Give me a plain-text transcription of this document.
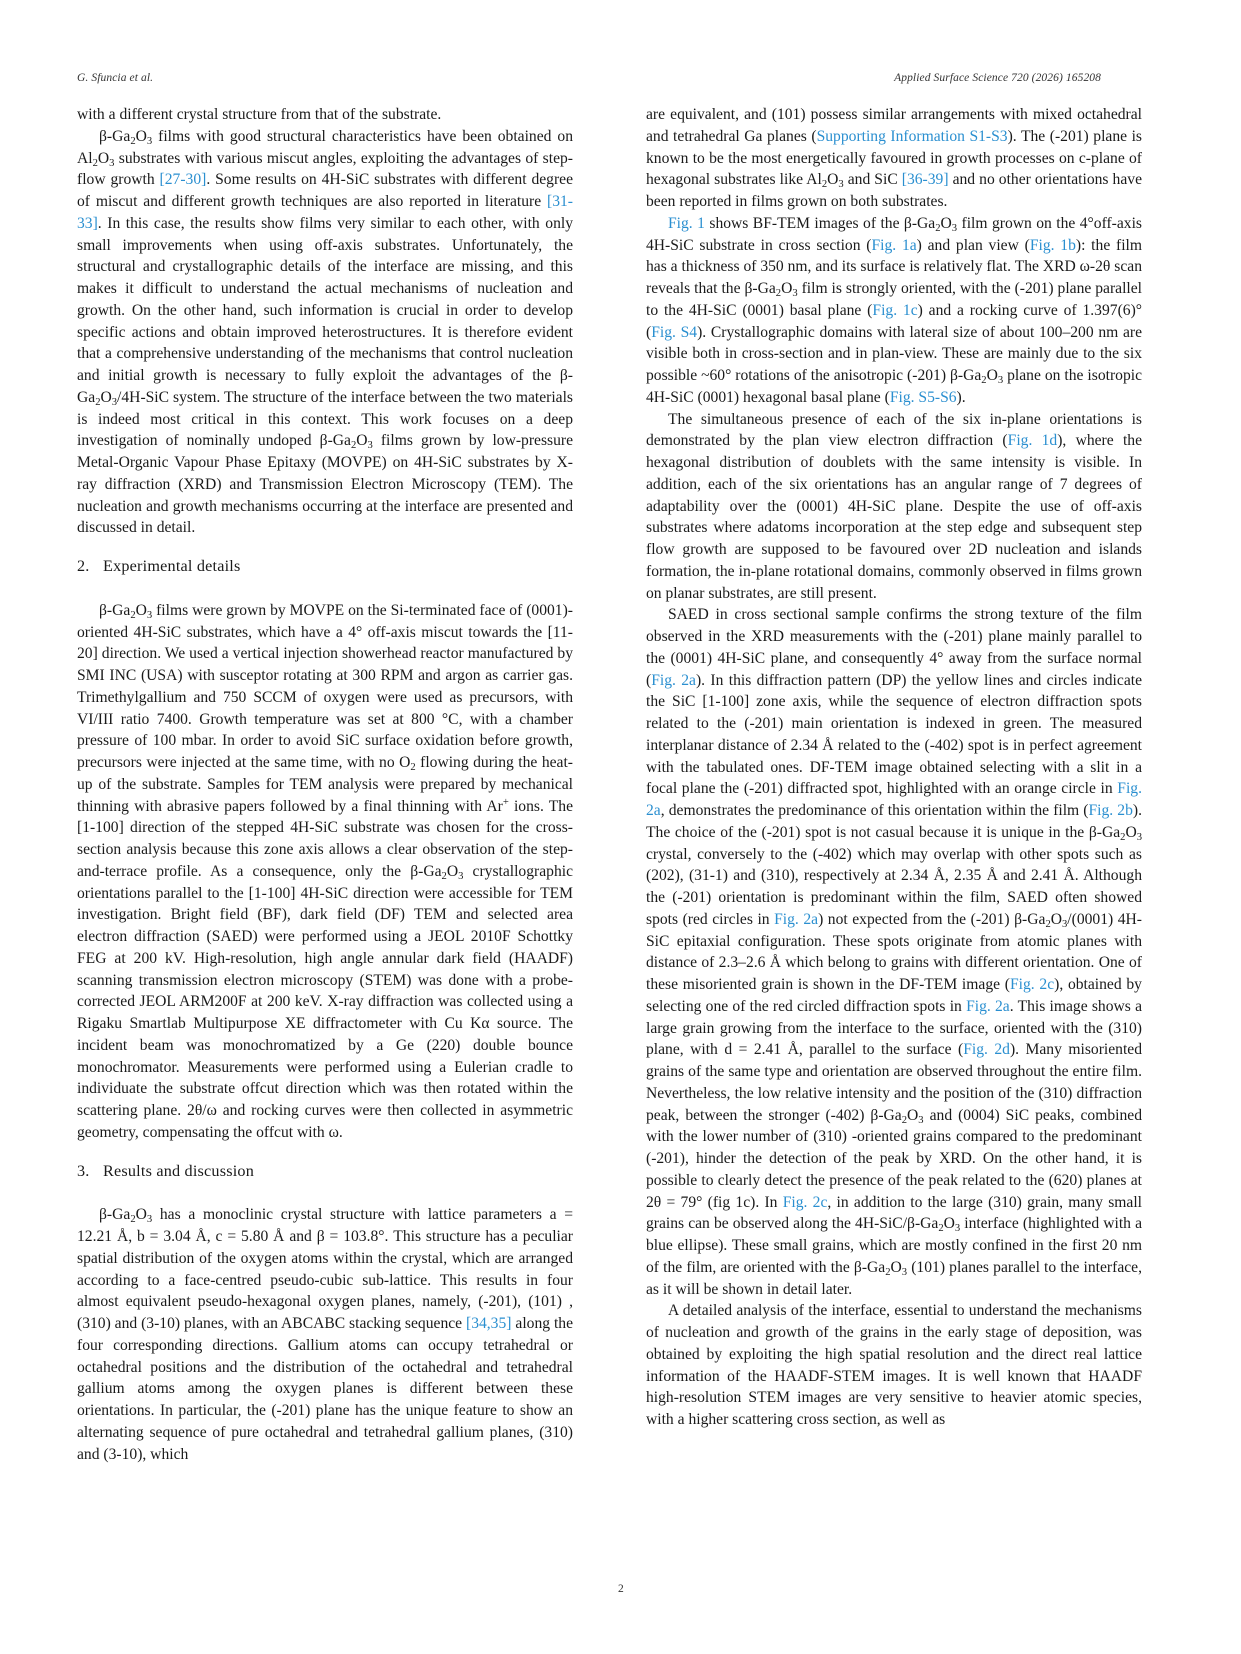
G. Sfuncia et al.	Applied Surface Science 720 (2026) 165208

with a different crystal structure from that of the substrate.

$\beta-Ga_2O_3$ films with good structural characteristics have been obtained on $Al_2O_3$ substrates with various miscut angles, exploiting the advantages of step-flow growth [27-30]. Some results on 4H-SiC substrates with different degree of miscut and different growth techniques are also reported in literature [31-33]. In this case, the results show films very similar to each other, with only small improvements when using off-axis substrates. Unfortunately, the structural and crystallographic details of the interface are missing, and this makes it difficult to understand the actual mechanisms of nucleation and growth. On the other hand, such information is crucial in order to develop specific actions and obtain improved heterostructures. It is therefore evident that a comprehensive understanding of the mechanisms that control nucleation and initial growth is necessary to fully exploit the advantages of the $\beta-Ga_2O_3/4H$-SiC system. The structure of the interface between the two materials is indeed most critical in this context. This work focuses on a deep investigation of nominally undoped $\beta-Ga_2O_3$ films grown by low-pressure Metal-Organic Vapour Phase Epitaxy (MOVPE) on 4H-SiC substrates by X-ray diffraction (XRD) and Transmission Electron Microscopy (TEM). The nucleation and growth mechanisms occurring at the interface are presented and discussed in detail.

2. Experimental details

$\beta-Ga_2O_3$ films were grown by MOVPE on the Si-terminated face of (0001)-oriented 4H-SiC substrates, which have a 4° off-axis miscut towards the [11-20] direction. We used a vertical injection showerhead reactor manufactured by SMI INC (USA) with susceptor rotating at 300 RPM and argon as carrier gas. Trimethylgallium and 750 SCCM of oxygen were used as precursors, with VI/III ratio 7400. Growth temperature was set at 800 °C, with a chamber pressure of 100 mbar. In order to avoid SiC surface oxidation before growth, precursors were injected at the same time, with no $O_2$ flowing during the heat-up of the substrate. Samples for TEM analysis were prepared by mechanical thinning with abrasive papers followed by a final thinning with Ar+ ions. The [1-100] direction of the stepped 4H-SiC substrate was chosen for the cross-section analysis because this zone axis allows a clear observation of the step-and-terrace profile. As a consequence, only the $\beta-Ga_2O_3$ crystallographic orientations parallel to the [1-100] 4H-SiC direction were accessible for TEM investigation. Bright field (BF), dark field (DF) TEM and selected area electron diffraction (SAED) were performed using a JEOL 2010F Schottky FEG at 200 kV. High-resolution, high angle annular dark field (HAADF) scanning transmission electron microscopy (STEM) was done with a probe-corrected JEOL ARM200F at 200 keV. X-ray diffraction was collected using a Rigaku Smartlab Multipurpose XE diffractometer with Cu Kα source. The incident beam was monochromatized by a Ge (220) double bounce monochromator. Measurements were performed using a Eulerian cradle to individuate the substrate offcut direction which was then rotated within the scattering plane. 2θ/ω and rocking curves were then collected in asymmetric geometry, compensating the offcut with ω.

3. Results and discussion

$\beta-Ga_2O_3$ has a monoclinic crystal structure with lattice parameters a = 12.21 Å, b = 3.04 Å, c = 5.80 Å and β = 103.8°. This structure has a peculiar spatial distribution of the oxygen atoms within the crystal, which are arranged according to a face-centred pseudo-cubic sub-lattice. This results in four almost equivalent pseudo-hexagonal oxygen planes, namely, (-201), (101) , (310) and (3-10) planes, with an ABCABC stacking sequence [34,35] along the four corresponding directions. Gallium atoms can occupy tetrahedral or octahedral positions and the distribution of the octahedral and tetrahedral gallium atoms among the oxygen planes is different between these orientations. In particular, the (-201) plane has the unique feature to show an alternating sequence of pure octahedral and tetrahedral gallium planes, (310) and (3-10), which

are equivalent, and (101) possess similar arrangements with mixed octahedral and tetrahedral Ga planes (Supporting Information S1-S3). The (-201) plane is known to be the most energetically favoured in growth processes on c-plane of hexagonal substrates like $Al_2O_3$ and SiC [36-39] and no other orientations have been reported in films grown on both substrates.

Fig. 1 shows BF-TEM images of the $\beta-Ga_2O_3$ film grown on the 4°off-axis 4H-SiC substrate in cross section (Fig. 1a) and plan view (Fig. 1b): the film has a thickness of 350 nm, and its surface is relatively flat. The XRD ω-2θ scan reveals that the $\beta-Ga_2O_3$ film is strongly oriented, with the (-201) plane parallel to the 4H-SiC (0001) basal plane (Fig. 1c) and a rocking curve of 1.397(6)° (Fig. S4). Crystallographic domains with lateral size of about 100–200 nm are visible both in cross-section and in plan-view. These are mainly due to the six possible ~60° rotations of the anisotropic (-201) $\beta-Ga_2O_3$ plane on the isotropic 4H-SiC (0001) hexagonal basal plane (Fig. S5-S6).

The simultaneous presence of each of the six in-plane orientations is demonstrated by the plan view electron diffraction (Fig. 1d), where the hexagonal distribution of doublets with the same intensity is visible. In addition, each of the six orientations has an angular range of 7 degrees of adaptability over the (0001) 4H-SiC plane. Despite the use of off-axis substrates where adatoms incorporation at the step edge and subsequent step flow growth are supposed to be favoured over 2D nucleation and islands formation, the in-plane rotational domains, commonly observed in films grown on planar substrates, are still present.

SAED in cross sectional sample confirms the strong texture of the film observed in the XRD measurements with the (-201) plane mainly parallel to the (0001) 4H-SiC plane, and consequently 4° away from the surface normal (Fig. 2a). In this diffraction pattern (DP) the yellow lines and circles indicate the SiC [1-100] zone axis, while the sequence of electron diffraction spots related to the (-201) main orientation is indexed in green. The measured interplanar distance of 2.34 Å related to the (-402) spot is in perfect agreement with the tabulated ones. DF-TEM image obtained selecting with a slit in a focal plane the (-201) diffracted spot, highlighted with an orange circle in Fig. 2a, demonstrates the predominance of this orientation within the film (Fig. 2b). The choice of the (-201) spot is not casual because it is unique in the $\beta-Ga_2O_3$ crystal, conversely to the (-402) which may overlap with other spots such as (202), (31-1) and (310), respectively at 2.34 Å, 2.35 Å and 2.41 Å. Although the (-201) orientation is predominant within the film, SAED often showed spots (red circles in Fig. 2a) not expected from the (-201) $\beta-Ga_2O_3/(0001)$ 4H-SiC epitaxial configuration. These spots originate from atomic planes with distance of 2.3–2.6 Å which belong to grains with different orientation. One of these misoriented grain is shown in the DF-TEM image (Fig. 2c), obtained by selecting one of the red circled diffraction spots in Fig. 2a. This image shows a large grain growing from the interface to the surface, oriented with the (310) plane, with d = 2.41 Å, parallel to the surface (Fig. 2d). Many misoriented grains of the same type and orientation are observed throughout the entire film. Nevertheless, the low relative intensity and the position of the (310) diffraction peak, between the stronger (-402) $\beta-Ga_2O_3$ and (0004) SiC peaks, combined with the lower number of (310) -oriented grains compared to the predominant (-201), hinder the detection of the peak by XRD. On the other hand, it is possible to clearly detect the presence of the peak related to the (620) planes at 2θ = 79° (fig 1c). In Fig. 2c, in addition to the large (310) grain, many small grains can be observed along the $4H-SiC/\beta-Ga_2O_3$ interface (highlighted with a blue ellipse). These small grains, which are mostly confined in the first 20 nm of the film, are oriented with the $\beta-Ga_2O_3$ (101) planes parallel to the interface, as it will be shown in detail later.

A detailed analysis of the interface, essential to understand the mechanisms of nucleation and growth of the grains in the early stage of deposition, was obtained by exploiting the high spatial resolution and the direct real lattice information of the HAADF-STEM images. It is well known that HAADF high-resolution STEM images are very sensitive to heavier atomic species, with a higher scattering cross section, as well as

2
